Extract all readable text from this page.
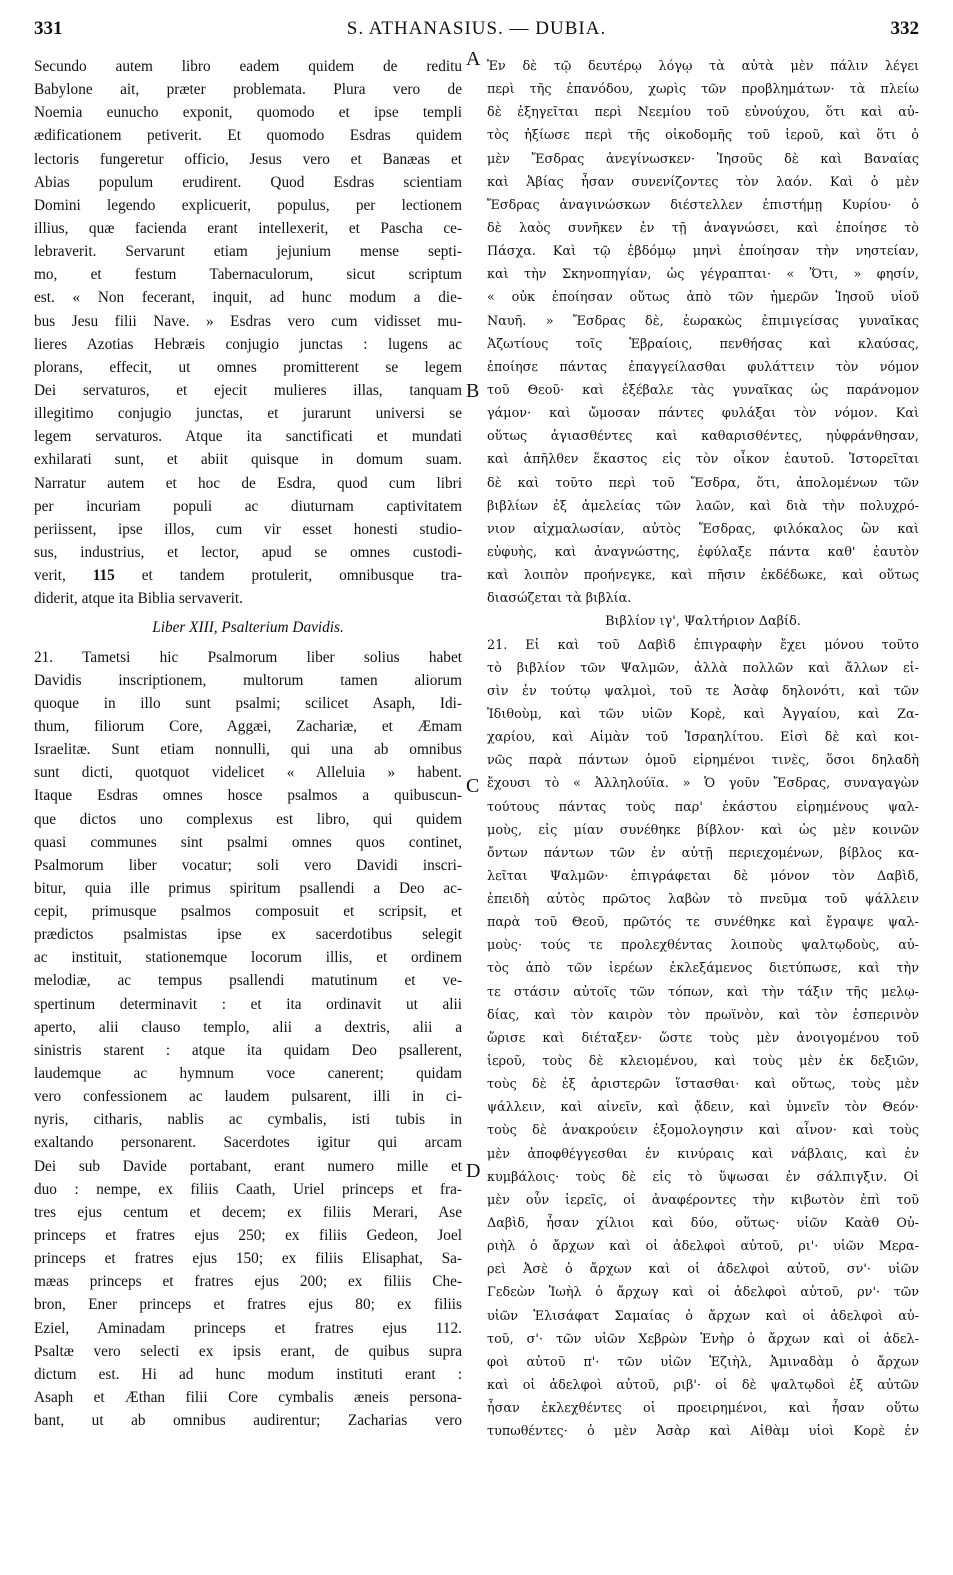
331	S. ATHANASIUS. — DUBIA.	332
A
B
C
D
Secundo autem libro eadem quidem de reditu
Babylone ait, præter problemata. Plura vero de
Noemia eunucho exponit, quomodo et ipse templi
ædificationem petiverit. Et quomodo Esdras quidem
lectoris fungeretur officio, Jesus vero et Banæas et
Abias populum erudirent. Quod Esdras scientiam
Domini legendo explicuerit, populus, per lectionem
illius, quæ facienda erant intellexerit, et Pascha ce-
lebraverit. Servarunt etiam jejunium mense septi-
mo, et festum Tabernaculorum, sicut scriptum
est. « Non fecerant, inquit, ad hunc modum a die-
bus Jesu filii Nave. » Esdras vero cum vidisset mu-
lieres Azotias Hebræis conjugio junctas : lugens ac
plorans, effecit, ut omnes promitterent se legem
Dei servaturos, et ejecit mulieres illas, tanquam
illegitimo conjugio junctas, et jurarunt universi se
legem servaturos. Atque ita sanctificati et mundati
exhilarati sunt, et abiit quisque in domum suam.
Narratur autem et hoc de Esdra, quod cum libri
per incuriam populi ac diuturnam captivitatem
periissent, ipse illos, cum vir esset honesti studio-
sus, industrius, et lector, apud se omnes custodi-
verit, 115 et tandem protulerit, omnibusque tra-
diderit, atque ita Biblia servaverit.
Liber XIII, Psalterium Davidis.
21. Tametsi hic Psalmorum liber solius habet
Davidis inscriptionem, multorum tamen aliorum
quoque in illo sunt psalmi; scilicet Asaph, Idi-
thum, filiorum Core, Aggæi, Zachariæ, et Æmam
Israelitæ. Sunt etiam nonnulli, qui una ab omnibus
sunt dicti, quotquot videlicet « Alleluia » habent.
Itaque Esdras omnes hosce psalmos a quibuscun-
que dictos uno complexus est libro, qui quidem
quasi communes sint psalmi omnes quos continet,
Psalmorum liber vocatur; soli vero Davidi inscri-
bitur, quia ille primus spiritum psallendi a Deo ac-
cepit, primusque psalmos composuit et scripsit, et
prædictos psalmistas ipse ex sacerdotibus selegit
ac instituit, stationemque locorum illis, et ordinem
melodiæ, ac tempus psallendi matutinum et ve-
spertinum determinavit : et ita ordinavit ut alii
aperto, alii clauso templo, alii a dextris, alii a
sinistris starent : atque ita quidam Deo psallerent,
laudemque ac hymnum voce canerent; quidam
vero confessionem ac laudem pulsarent, illi in ci-
nyris, citharis, nablis ac cymbalis, isti tubis in
exaltando personarent. Sacerdotes igitur qui arcam
Dei sub Davide portabant, erant numero mille et
duo : nempe, ex filiis Caath, Uriel princeps et fra-
tres ejus centum et decem; ex filiis Merari, Ase
princeps et fratres ejus 250; ex filiis Gedeon, Joel
princeps et fratres ejus 150; ex filiis Elisaphat, Sa-
mæas princeps et fratres ejus 200; ex filiis Che-
bron, Ener princeps et fratres ejus 80; ex filiis
Eziel, Aminadam princeps et fratres ejus 112.
Psaltæ vero selecti ex ipsis erant, de quibus supra
dictum est. Hi ad hunc modum instituti erant :
Asaph et Æthan filii Core cymbalis æneis persona-
bant, ut ab omnibus audirentur; Zacharias vero
Ἐν δὲ τῷ δευτέρῳ λόγῳ τὰ αὐτὰ μὲν πάλιν λέγει
περὶ τῆς ἐπανόδου, χωρὶς τῶν προβλημάτων· τὰ πλείω
δὲ ἐξηγεῖται περὶ Νεεμίου τοῦ εὐνούχου, ὅτι καὶ αὐ-
τὸς ἠξίωσε περὶ τῆς οἰκοδομῆς τοῦ ἱεροῦ, καὶ ὅτι ὁ
μὲν Ἔσδρας ἀνεγίνωσκεν· Ἰησοῦς δὲ καὶ Βαναίας
καὶ Ἀβίας ἦσαν συνενίζοντες τὸν λαόν. Καὶ ὁ μὲν
Ἔσδρας ἀναγινώσκων διέστελλεν ἐπιστήμῃ Κυρίου· ὁ
δὲ λαὸς συνῆκεν ἐν τῇ ἀναγνώσει, καὶ ἐποίησε τὸ
Πάσχα. Καὶ τῷ ἑβδόμῳ μηνὶ ἐποίησαν τὴν νηστείαν,
καὶ τὴν Σκηνοπηγίαν, ὡς γέγραπται· « Ὅτι, » φησίν,
« οὐκ ἐποίησαν οὕτως ἀπὸ τῶν ἡμερῶν Ἰησοῦ υἱοῦ
Ναυῆ. » Ἔσδρας δὲ, ἑωρακὼς ἐπιμιγείσας γυναῖκας
Ἀζωτίους τοῖς Ἑβραίοις, πενθήσας καὶ κλαύσας,
ἐποίησε πάντας ἐπαγγείλασθαι φυλάττειν τὸν νόμον
τοῦ Θεοῦ· καὶ ἐξέβαλε τὰς γυναῖκας ὡς παράνομον
γάμον· καὶ ὤμοσαν πάντες φυλάξαι τὸν νόμον. Καὶ
οὕτως ἁγιασθέντες καὶ καθαρισθέντες, ηὐφράνθησαν,
καὶ ἀπῆλθεν ἕκαστος εἰς τὸν οἶκον ἑαυτοῦ. Ἱστορεῖται
δὲ καὶ τοῦτο περὶ τοῦ Ἔσδρα, ὅτι, ἀπολομένων τῶν
βιβλίων ἐξ ἀμελείας τῶν λαῶν, καὶ διὰ τὴν πολυχρό-
νιον αἰχμαλωσίαν, αὐτὸς Ἔσδρας, φιλόκαλος ὢν καὶ
εὐφυὴς, καὶ ἀναγνώστης, ἐφύλαξε πάντα καθ' ἑαυτὸν
καὶ λοιπὸν προήνεγκε, καὶ πῆσιν ἐκδέδωκε, καὶ οὕτως
διασώζεται τὰ βιβλία.
Βιβλίον ιγ', Ψαλτήριον Δαβίδ.
21. Εἰ καὶ τοῦ Δαβὶδ ἐπιγραφὴν ἔχει μόνου τοῦτο
τὸ βιβλίον τῶν Ψαλμῶν, ἀλλὰ πολλῶν καὶ ἄλλων εἰ-
σὶν ἐν τούτῳ ψαλμοὶ, τοῦ τε Ἀσὰφ δηλονότι, καὶ τῶν
Ἰδιθοὺμ, καὶ τῶν υἱῶν Κορὲ, καὶ Ἀγγαίου, καὶ Ζα-
χαρίου, καὶ Αἰμὰν τοῦ Ἰσραηλίτου. Εἰσὶ δὲ καὶ κοι-
νῶς παρὰ πάντων ὁμοῦ εἰρημένοι τινὲς, ὅσοι δηλαδὴ
ἔχουσι τὸ « Ἀλληλούϊα. » Ὁ γοῦν Ἔσδρας, συναγαγὼν
τούτους πάντας τοὺς παρ' ἑκάστου εἰρημένους ψαλ-
μοὺς, εἰς μίαν συνέθηκε βίβλον· καὶ ὡς μὲν κοινῶν
ὄντων πάντων τῶν ἐν αὐτῇ περιεχομένων, βίβλος κα-
λεῖται Ψαλμῶν· ἐπιγράφεται δὲ μόνον τὸν Δαβὶδ,
ἐπειδὴ αὐτὸς πρῶτος λαβὼν τὸ πνεῦμα τοῦ ψάλλειν
παρὰ τοῦ Θεοῦ, πρῶτός τε συνέθηκε καὶ ἔγραψε ψαλ-
μοὺς· τούς τε προλεχθέντας λοιποὺς ψαλτῳδοὺς, αὐ-
τὸς ἀπὸ τῶν ἱερέων ἐκλεξάμενος διετύπωσε, καὶ τὴν
τε στάσιν αὐτοῖς τῶν τόπων, καὶ τὴν τάξιν τῆς μελῳ-
δίας, καὶ τὸν καιρὸν τὸν πρωϊνὸν, καὶ τὸν ἑσπερινὸν
ὥρισε καὶ διέταξεν· ὥστε τοὺς μὲν ἀνοιγομένου τοῦ
ἱεροῦ, τοὺς δὲ κλειομένου, καὶ τοὺς μὲν ἐκ δεξιῶν,
τοὺς δὲ ἐξ ἀριστερῶν ἵστασθαι· καὶ οὕτως, τοὺς μὲν
ψάλλειν, καὶ αἰνεῖν, καὶ ᾄδειν, καὶ ὑμνεῖν τὸν Θεόν·
τοὺς δὲ ἀνακρούειν ἐξομολογησιν καὶ αἶνον· καὶ τοὺς
μὲν ἀποφθέγγεσθαι ἐν κινύραις καὶ νάβλαις, καὶ ἐν
κυμβάλοις· τοὺς δὲ εἰς τὸ ὕψωσαι ἐν σάλπιγξιν. Οἱ
μὲν οὖν ἱερεῖς, οἱ ἀναφέροντες τὴν κιβωτὸν ἐπὶ τοῦ
Δαβὶδ, ἦσαν χίλιοι καὶ δύο, οὕτως· υἱῶν Καὰθ Οὐ-
ριὴλ ὁ ἄρχων καὶ οἱ ἀδελφοὶ αὐτοῦ, ρι'· υἱῶν Μερα-
ρεὶ Ἀσὲ ὁ ἄρχων καὶ οἱ ἀδελφοὶ αὐτοῦ, σν'· υἱῶν
Γεδεὼν Ἰωὴλ ὁ ἄρχωγ καὶ οἱ ἀδελφοὶ αὐτοῦ, ρν'· τῶν
υἱῶν Ἐλισάφατ Σαμαίας ὁ ἄρχων καὶ οἱ ἀδελφοὶ αὐ-
τοῦ, σ'· τῶν υἱῶν Χεβρὼν Ἐνὴρ ὁ ἄρχων καὶ οἱ ἀδελ-
φοὶ αὐτοῦ π'· τῶν υἱῶν Ἐζιὴλ, Ἀμιναδὰμ ὁ ἄρχων
καὶ οἱ ἀδελφοὶ αὐτοῦ, ριβ'· οἱ δὲ ψαλτῳδοὶ ἐξ αὐτῶν
ἦσαν ἐκλεχθέντες οἱ προειρημένοι, καὶ ἦσαν οὕτω
τυπωθέντες· ὁ μὲν Ἀσὰρ καὶ Αἰθὰμ υἱοὶ Κορὲ ἐν
